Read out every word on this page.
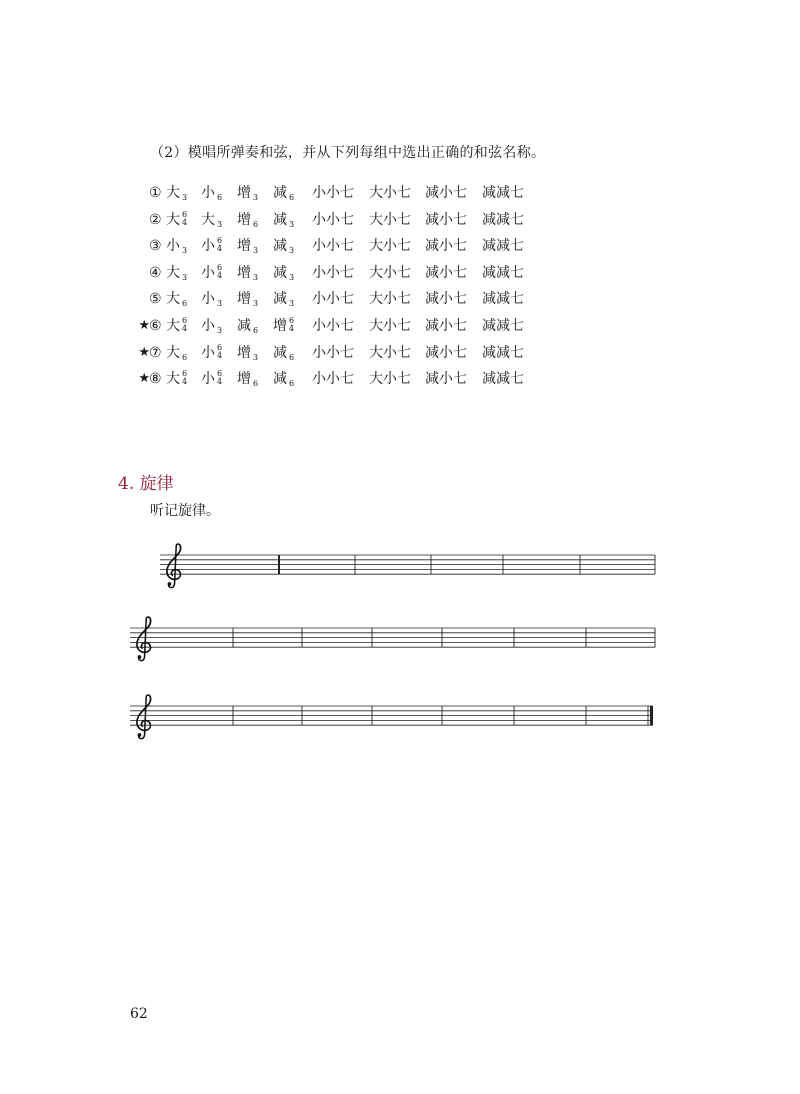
（2）模唱所弹奏和弦，并从下列每组中选出正确的和弦名称。
① 大 $_3$ 小 $_6$ 增 $_3$ 减 $_6$ 小小七 大小七 减小七 减减七
② 大 6
4 大 $_3$ 增 $_6$ 减 $_3$ 小小七 大小七 减小七 减减七
③ 小 $_3$ 小 6
4 增 $_3$ 减 $_3$ 小小七 大小七 减小七 减减七
④ 大 $_3$ 小 6
4 增 $_3$ 减 $_3$ 小小七 大小七 减小七 减减七
⑤ 大 $_6$ 小 $_3$ 增 $_3$ 减 $_3$ 小小七 大小七 减小七 减减七
★ ⑥ 大 6
4 小 $_3$ 减 $_6$ 增 6
4 小小七 大小七 减小七 减减七
★ ⑦ 大 $_6$ 小 6
4 增 $_3$ 减 $_6$ 小小七 大小七 减小七 减减七
★ ⑧ 大 6
4 小 6
4 增 $_6$ 减 $_6$ 小小七 大小七 减小七 减减七
4. 旋律
听记旋律。
62
